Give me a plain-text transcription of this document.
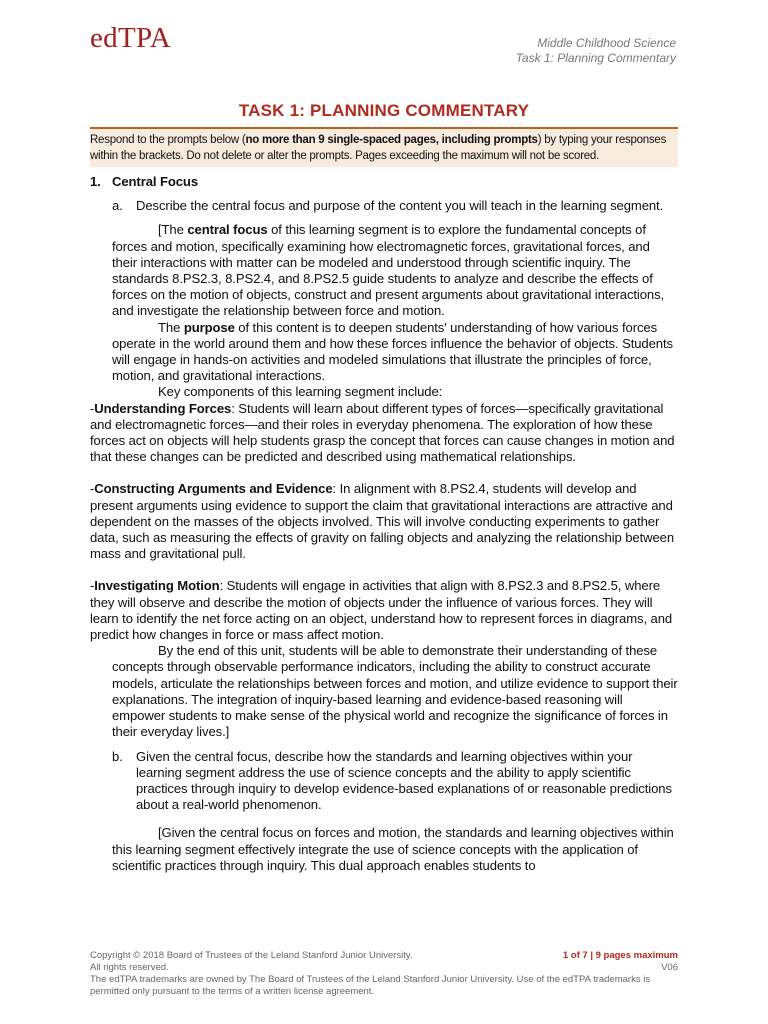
edTPA	Middle Childhood Science
Task 1: Planning Commentary
TASK 1: PLANNING COMMENTARY
Respond to the prompts below (no more than 9 single-spaced pages, including prompts) by typing your responses within the brackets. Do not delete or alter the prompts. Pages exceeding the maximum will not be scored.
1. Central Focus
a.	Describe the central focus and purpose of the content you will teach in the learning segment.

[The central focus of this learning segment is to explore the fundamental concepts of forces and motion, specifically examining how electromagnetic forces, gravitational forces, and their interactions with matter can be modeled and understood through scientific inquiry. The standards 8.PS2.3, 8.PS2.4, and 8.PS2.5 guide students to analyze and describe the effects of forces on the motion of objects, construct and present arguments about gravitational interactions, and investigate the relationship between force and motion.

The purpose of this content is to deepen students' understanding of how various forces operate in the world around them and how these forces influence the behavior of objects. Students will engage in hands-on activities and modeled simulations that illustrate the principles of force, motion, and gravitational interactions.

Key components of this learning segment include:

-Understanding Forces: Students will learn about different types of forces—specifically gravitational and electromagnetic forces—and their roles in everyday phenomena. The exploration of how these forces act on objects will help students grasp the concept that forces can cause changes in motion and that these changes can be predicted and described using mathematical relationships.

-Constructing Arguments and Evidence: In alignment with 8.PS2.4, students will develop and present arguments using evidence to support the claim that gravitational interactions are attractive and dependent on the masses of the objects involved. This will involve conducting experiments to gather data, such as measuring the effects of gravity on falling objects and analyzing the relationship between mass and gravitational pull.

-Investigating Motion: Students will engage in activities that align with 8.PS2.3 and 8.PS2.5, where they will observe and describe the motion of objects under the influence of various forces. They will learn to identify the net force acting on an object, understand how to represent forces in diagrams, and predict how changes in force or mass affect motion.

By the end of this unit, students will be able to demonstrate their understanding of these concepts through observable performance indicators, including the ability to construct accurate models, articulate the relationships between forces and motion, and utilize evidence to support their explanations. The integration of inquiry-based learning and evidence-based reasoning will empower students to make sense of the physical world and recognize the significance of forces in their everyday lives.]

b.	Given the central focus, describe how the standards and learning objectives within your learning segment address the use of science concepts and the ability to apply scientific practices through inquiry to develop evidence-based explanations of or reasonable predictions about a real-world phenomenon.

[Given the central focus on forces and motion, the standards and learning objectives within this learning segment effectively integrate the use of science concepts with the application of scientific practices through inquiry. This dual approach enables students to

Copyright © 2018 Board of Trustees of the Leland Stanford Junior University.	1 of 7 | 9 pages maximum
All rights reserved.	V06
The edTPA trademarks are owned by The Board of Trustees of the Leland Stanford Junior University. Use of the edTPA trademarks is permitted only pursuant to the terms of a written license agreement.
